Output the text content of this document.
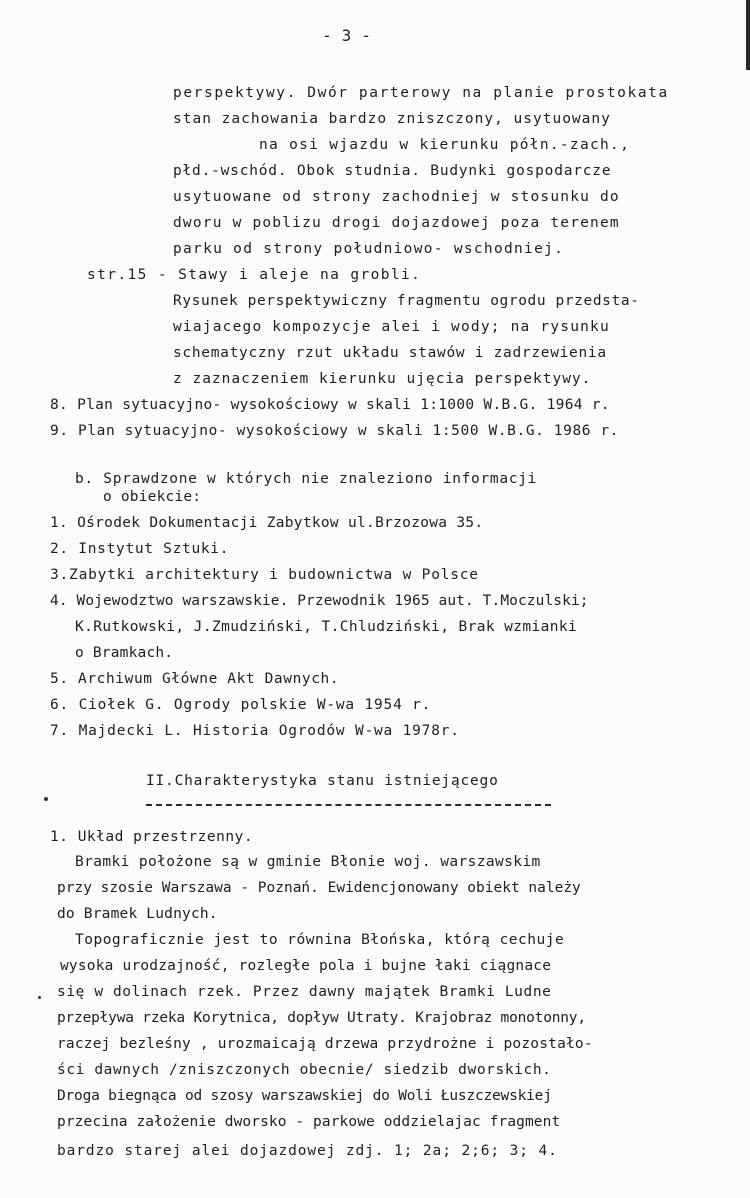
- 3 -
perspektywy. Dwór parterowy na planie prostokata
stan zachowania bardzo zniszczony, usytuowany
na osi wjazdu w kierunku półn.-zach.,
płd.-wschód. Obok studnia. Budynki gospodarcze
usytuowane od strony zachodniej w stosunku do
dworu w poblizu drogi dojazdowej poza terenem
parku od strony południowo- wschodniej.
str.15 - Stawy i aleje na grobli.
Rysunek perspektywiczny fragmentu ogrodu przedsta-
wiajacego kompozycje alei i wody; na rysunku
schematyczny rzut układu stawów i zadrzewienia
z zaznaczeniem kierunku ujęcia perspektywy.
8. Plan sytuacyjno- wysokościowy w skali 1:1000 W.B.G. 1964 r.
9. Plan sytuacyjno- wysokościowy w skali 1:500 W.B.G. 1986 r.
b. Sprawdzone w których nie znaleziono informacji
o obiekcie:
1. Ośrodek Dokumentacji Zabytkow ul.Brzozowa 35.
2. Instytut Sztuki.
3.Zabytki architektury i budownictwa w Polsce
4. Wojewodztwo warszawskie. Przewodnik 1965 aut. T.Moczulski;
K.Rutkowski, J.Zmudziński, T.Chludziński, Brak wzmianki
o Bramkach.
5. Archiwum Główne Akt Dawnych.
6. Ciołek G. Ogrody polskie W-wa 1954 r.
7. Majdecki L. Historia Ogrodów W-wa 1978r.
II.Charakterystyka stanu istniejącego
1. Układ przestrzenny.
Bramki położone są w gminie Błonie woj. warszawskim
przy szosie Warszawa - Poznań. Ewidencjonowany obiekt należy
do Bramek Ludnych.
Topograficznie jest to równina Błońska, którą cechuje
wysoka urodzajność, rozległe pola i bujne łaki ciągnace
się w dolinach rzek. Przez dawny majątek Bramki Ludne
przepływa rzeka Korytnica, dopływ Utraty. Krajobraz monotonny,
raczej bezleśny , urozmaicają drzewa przydrożne i pozostało-
ści dawnych /zniszczonych obecnie/ siedzib dworskich.
Droga biegnąca od szosy warszawskiej do Woli Łuszczewskiej
przecina założenie dworsko - parkowe oddzielajac fragment
bardzo starej alei dojazdowej zdj. 1; 2a; 2;6; 3; 4.
